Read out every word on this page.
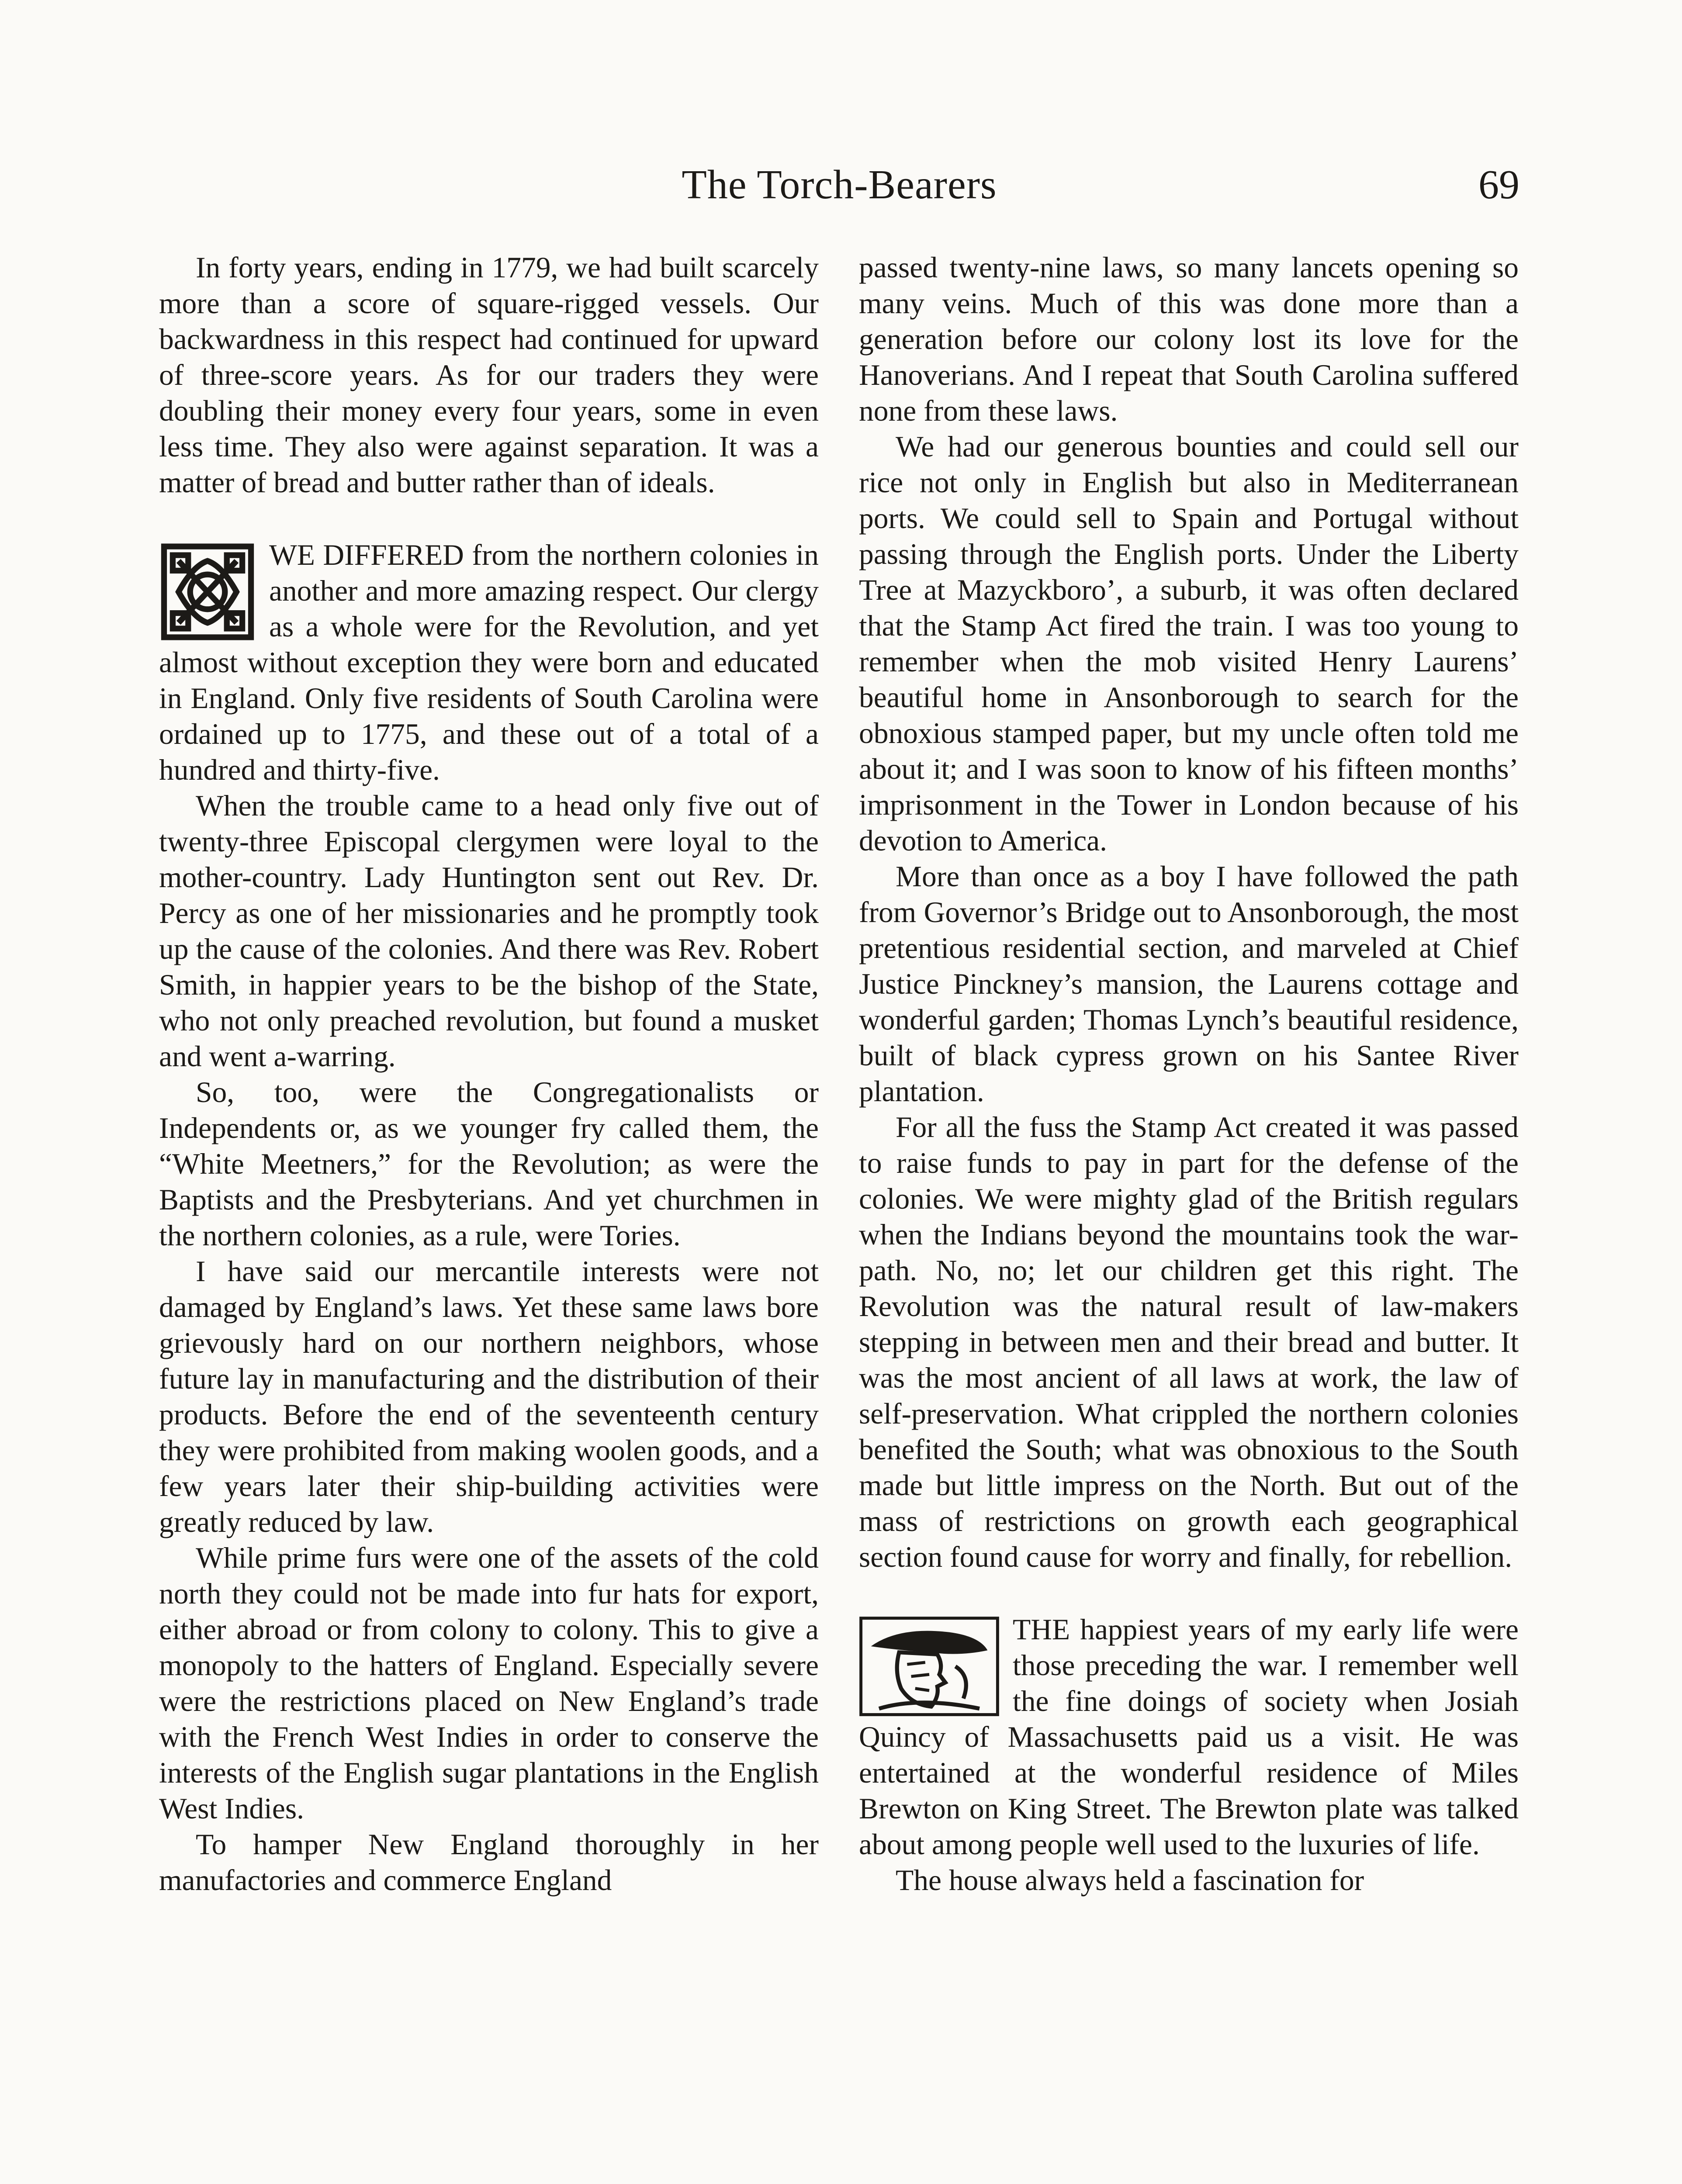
The Torch-Bearers	69

In forty years, ending in 1779, we had built scarcely more than a score of square-rigged vessels. Our backwardness in this respect had continued for upward of three-score years. As for our traders they were doubling their money every four years, some in even less time. They also were against separation. It was a matter of bread and butter rather than of ideals.

WE DIFFERED from the northern colonies in another and more amazing respect. Our clergy as a whole were for the Revolution, and yet almost without exception they were born and educated in England. Only five residents of South Carolina were ordained up to 1775, and these out of a total of a hundred and thirty-five.

When the trouble came to a head only five out of twenty-three Episcopal clergymen were loyal to the mother-country. Lady Huntington sent out Rev. Dr. Percy as one of her missionaries and he promptly took up the cause of the colonies. And there was Rev. Robert Smith, in happier years to be the bishop of the State, who not only preached revolution, but found a musket and went a-warring.

So, too, were the Congregationalists or Independents or, as we younger fry called them, the “White Meetners,” for the Revolution; as were the Baptists and the Presbyterians. And yet churchmen in the northern colonies, as a rule, were Tories.

I have said our mercantile interests were not damaged by England’s laws. Yet these same laws bore grievously hard on our northern neighbors, whose future lay in manufacturing and the distribution of their products. Before the end of the seventeenth century they were prohibited from making woolen goods, and a few years later their ship-building activities were greatly reduced by law.

While prime furs were one of the assets of the cold north they could not be made into fur hats for export, either abroad or from colony to colony. This to give a monopoly to the hatters of England. Especially severe were the restrictions placed on New England’s trade with the French West Indies in order to conserve the interests of the English sugar plantations in the English West Indies.

To hamper New England thoroughly in her manufactories and commerce England

passed twenty-nine laws, so many lancets opening so many veins. Much of this was done more than a generation before our colony lost its love for the Hanoverians. And I repeat that South Carolina suffered none from these laws.

We had our generous bounties and could sell our rice not only in English but also in Mediterranean ports. We could sell to Spain and Portugal without passing through the English ports. Under the Liberty Tree at Mazyckboro’, a suburb, it was often declared that the Stamp Act fired the train. I was too young to remember when the mob visited Henry Laurens’ beautiful home in Ansonborough to search for the obnoxious stamped paper, but my uncle often told me about it; and I was soon to know of his fifteen months’ imprisonment in the Tower in London because of his devotion to America.

More than once as a boy I have followed the path from Governor’s Bridge out to Ansonborough, the most pretentious residential section, and marveled at Chief Justice Pinckney’s mansion, the Laurens cottage and wonderful garden; Thomas Lynch’s beautiful residence, built of black cypress grown on his Santee River plantation.

For all the fuss the Stamp Act created it was passed to raise funds to pay in part for the defense of the colonies. We were mighty glad of the British regulars when the Indians beyond the mountains took the war-path. No, no; let our children get this right. The Revolution was the natural result of law-makers stepping in between men and their bread and butter. It was the most ancient of all laws at work, the law of self-preservation. What crippled the northern colonies benefited the South; what was obnoxious to the South made but little impress on the North. But out of the mass of restrictions on growth each geographical section found cause for worry and finally, for rebellion.

THE happiest years of my early life were those preceding the war. I remember well the fine doings of society when Josiah Quincy of Massachusetts paid us a visit. He was entertained at the wonderful residence of Miles Brewton on King Street. The Brewton plate was talked about among people well used to the luxuries of life.

The house always held a fascination for
